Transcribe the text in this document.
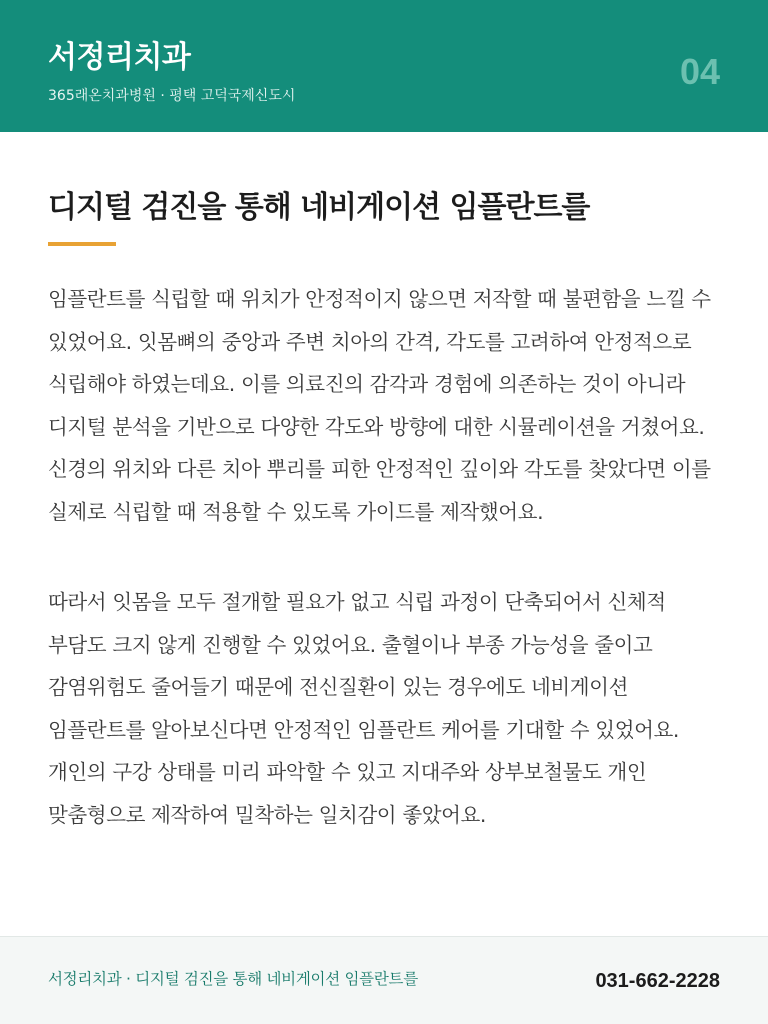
서정리치과
365래온치과병원 · 평택 고덕국제신도시
04
디지털 검진을 통해 네비게이션 임플란트를

임플란트를 식립할 때 위치가 안정적이지 않으면 저작할 때 불편함을 느낄 수 있었어요. 잇몸뼈의 중앙과 주변 치아의 간격, 각도를 고려하여 안정적으로 식립해야 하였는데요. 이를 의료진의 감각과 경험에 의존하는 것이 아니라 디지털 분석을 기반으로 다양한 각도와 방향에 대한 시뮬레이션을 거쳤어요. 신경의 위치와 다른 치아 뿌리를 피한 안정적인 깊이와 각도를 찾았다면 이를 실제로 식립할 때 적용할 수 있도록 가이드를 제작했어요.

따라서 잇몸을 모두 절개할 필요가 없고 식립 과정이 단축되어서 신체적 부담도 크지 않게 진행할 수 있었어요. 출혈이나 부종 가능성을 줄이고 감염위험도 줄어들기 때문에 전신질환이 있는 경우에도 네비게이션 임플란트를 알아보신다면 안정적인 임플란트 케어를 기대할 수 있었어요. 개인의 구강 상태를 미리 파악할 수 있고 지대주와 상부보철물도 개인 맞춤형으로 제작하여 밀착하는 일치감이 좋았어요.

서정리치과 · 디지털 검진을 통해 네비게이션 임플란트를	031-662-2228
